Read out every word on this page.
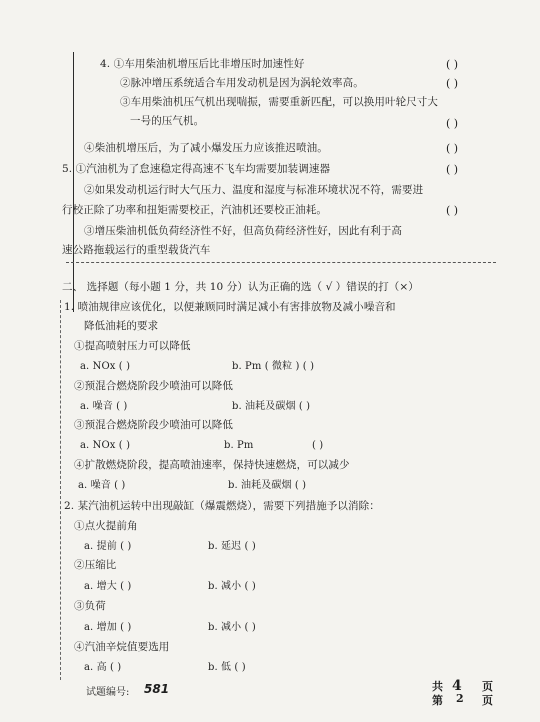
4. ①车用柴油机增压后比非增压时加速性好	( )
②脉冲增压系统适合车用发动机是因为涡轮效率高。	( )
③车用柴油机压气机出现喘振，需要重新匹配，可以换用叶轮尺寸大
一号的压气机。	( )
④柴油机增压后，为了减小爆发压力应该推迟喷油。	( )
5. ①汽油机为了怠速稳定得高速不飞车均需要加装调速器	( )
②如果发动机运行时大气压力、温度和湿度与标准环境状况不符，需要进
行校正除了功率和扭矩需要校正，汽油机还要校正油耗。	( )
③增压柴油机低负荷经济性不好，但高负荷经济性好，因此有利于高
速公路拖载运行的重型载货汽车
二、 选择题（每小题 1 分，共 10 分）认为正确的选（ √ ）错误的打（×）
1. 喷油规律应该优化，以便兼顾同时满足减小有害排放物及减小噪音和
降低油耗的要求
①提高喷射压力可以降低
a. NOx ( )	b. Pm ( 微粒 ) ( )
②预混合燃烧阶段少喷油可以降低
a. 噪音 ( )	b. 油耗及碳烟 ( )
③预混合燃烧阶段少喷油可以降低
a. NOx ( )	b. Pm	( )
④扩散燃烧阶段，提高喷油速率，保持快速燃烧，可以减少
a. 噪音 ( )	b. 油耗及碳烟 ( )
2. 某汽油机运转中出现敲缸（爆震燃烧），需要下列措施予以消除：
①点火提前角
a. 提前 ( )	b. 延迟 ( )
②压缩比
a. 增大 ( )	b. 减小 ( )
③负荷
a. 增加 ( )	b. 减小 ( )
④汽油辛烷值要选用
a. 高 ( )	b. 低 ( )
试题编号: 581	共 4 页
第 2 页
